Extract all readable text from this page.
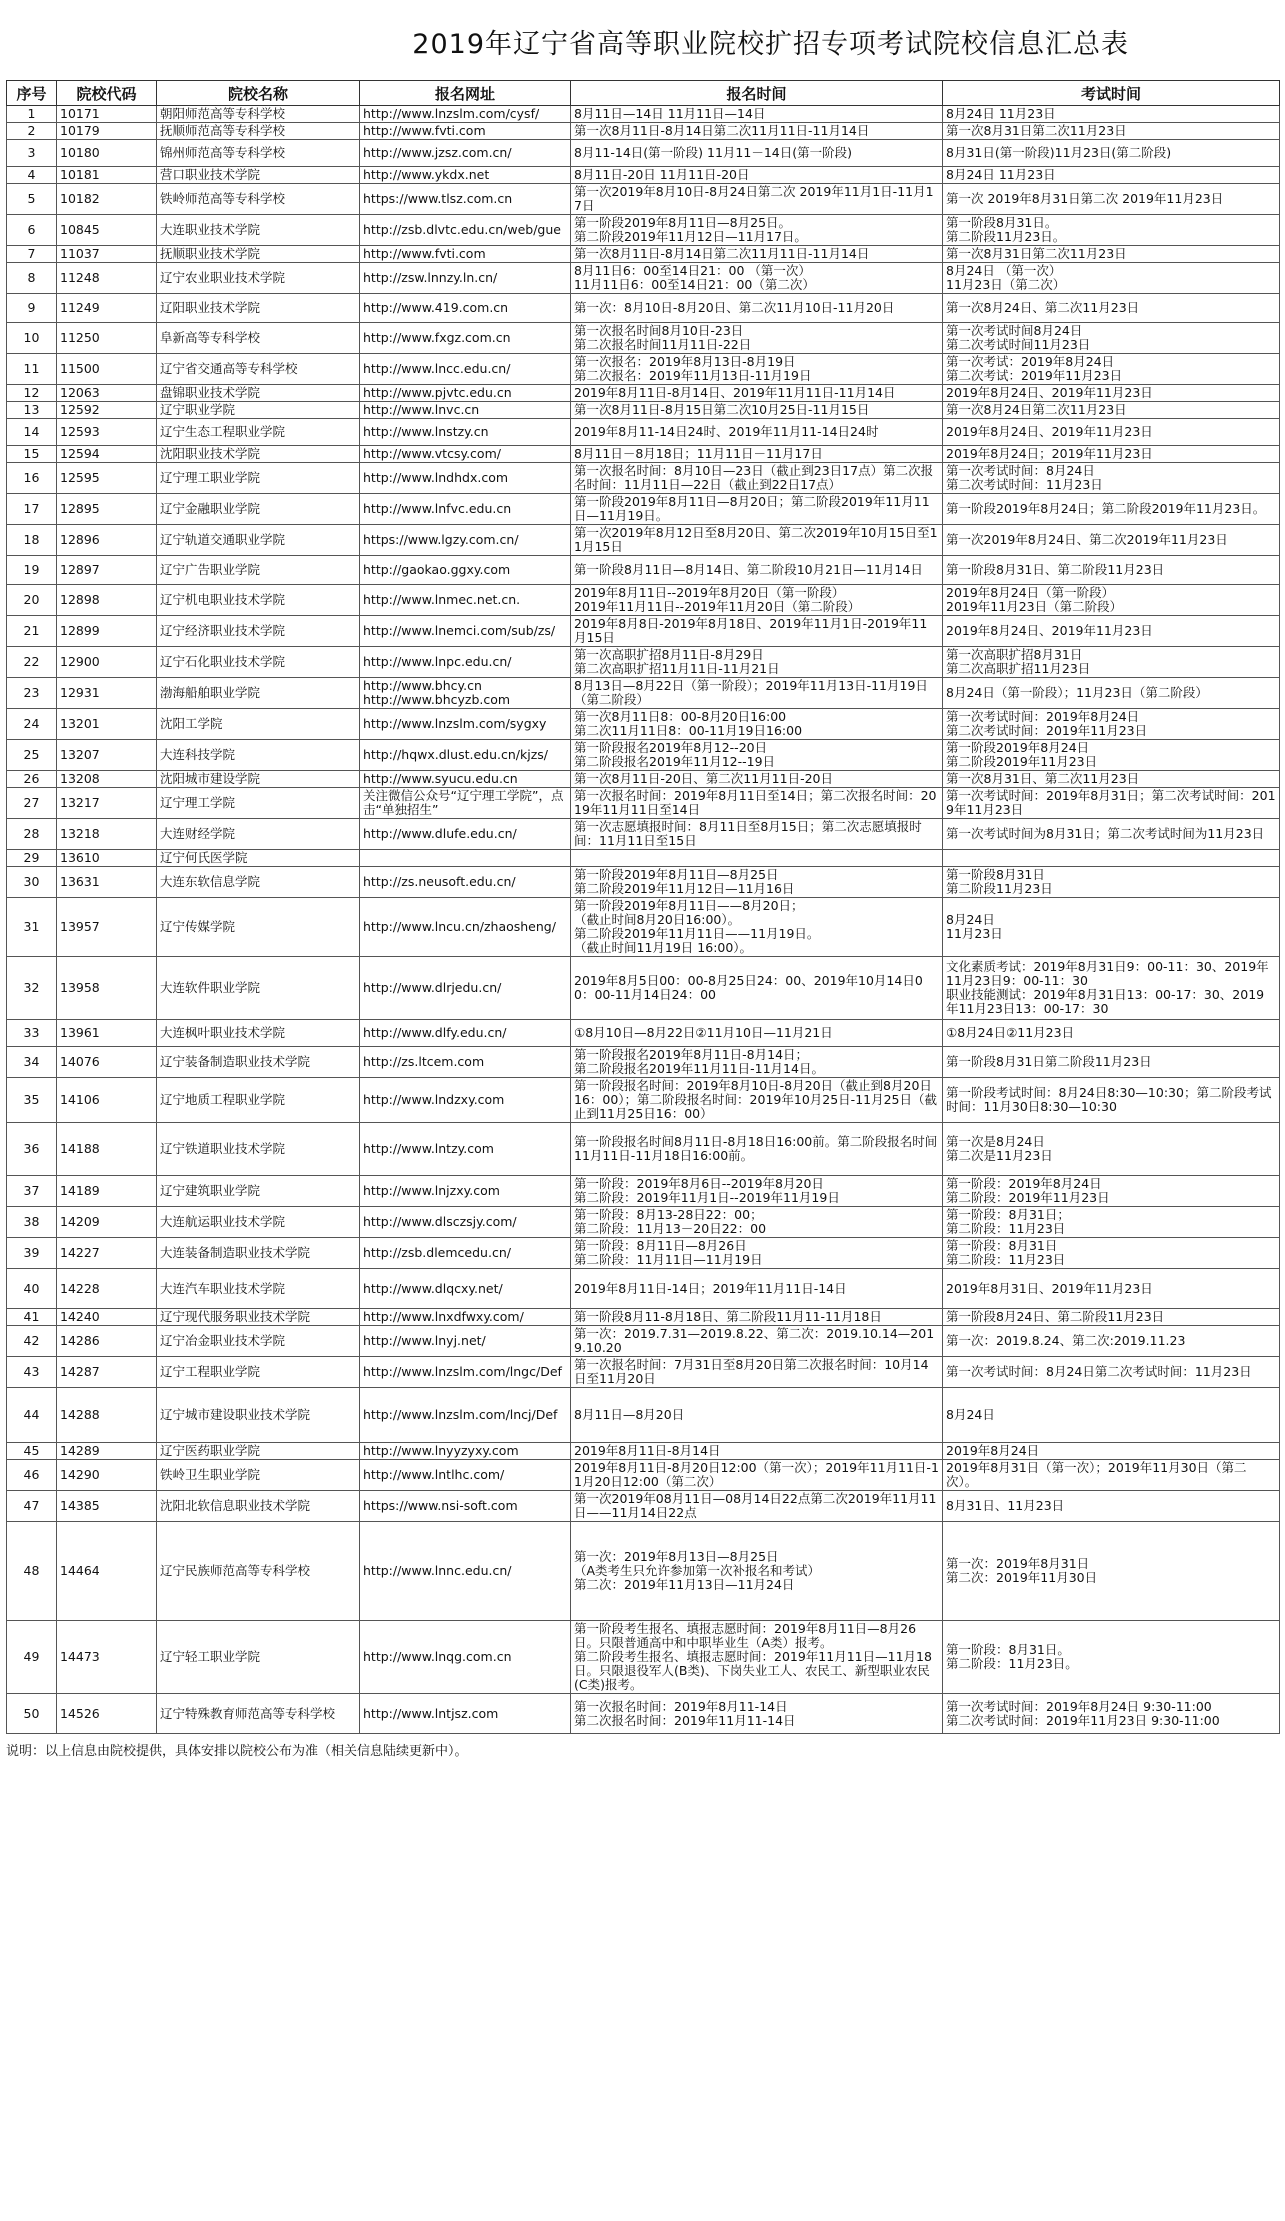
2019年辽宁省高等职业院校扩招专项考试院校信息汇总表
序号	院校代码	院校名称	报名网址	报名时间	考试时间
1	10171	朝阳师范高等专科学校	http://www.lnzslm.com/cysf/	8月11日—14日 11月11日—14日	8月24日 11月23日
2	10179	抚顺师范高等专科学校	http://www.fvti.com	第一次8月11日-8月14日第二次11月11日-11月14日	第一次8月31日第二次11月23日
3	10180	锦州师范高等专科学校	http://www.jzsz.com.cn/	8月11-14日(第一阶段) 11月11－14日(第一阶段)	8月31日(第一阶段)11月23日(第二阶段)
4	10181	营口职业技术学院	http://www.ykdx.net	8月11日-20日 11月11日-20日	8月24日 11月23日
5	10182	铁岭师范高等专科学校	https://www.tlsz.com.cn	第一次2019年8月10日-8月24日第二次 2019年11月1日-11月17日	第一次 2019年8月31日第二次 2019年11月23日
6	10845	大连职业技术学院	http://zsb.dlvtc.edu.cn/web/gue	第一阶段2019年8月11日—8月25日。
第二阶段2019年11月12日—11月17日。	第一阶段8月31日。
第二阶段11月23日。
7	11037	抚顺职业技术学院	http://www.fvti.com	第一次8月11日-8月14日第二次11月11日-11月14日	第一次8月31日第二次11月23日
8	11248	辽宁农业职业技术学院	http://zsw.lnnzy.ln.cn/	8月11日6：00至14日21：00 （第一次）
11月11日6：00至14日21：00（第二次）	8月24日 （第一次）
11月23日（第二次）
9	11249	辽阳职业技术学院	http://www.419.com.cn	第一次：8月10日-8月20日、第二次11月10日-11月20日	第一次8月24日、第二次11月23日
10	11250	阜新高等专科学校	http://www.fxgz.com.cn	第一次报名时间8月10日-23日
第二次报名时间11月11日-22日	第一次考试时间8月24日
第二次考试时间11月23日
11	11500	辽宁省交通高等专科学校	http://www.lncc.edu.cn/	第一次报名：2019年8月13日-8月19日
第二次报名：2019年11月13日-11月19日	第一次考试：2019年8月24日
第二次考试：2019年11月23日
12	12063	盘锦职业技术学院	http://www.pjvtc.edu.cn	2019年8月11日-8月14日、2019年11月11日-11月14日	2019年8月24日、2019年11月23日
13	12592	辽宁职业学院	http://www.lnvc.cn	第一次8月11日-8月15日第二次10月25日-11月15日	第一次8月24日第二次11月23日
14	12593	辽宁生态工程职业学院	http://www.lnstzy.cn	2019年8月11-14日24时、2019年11月11-14日24时	2019年8月24日、2019年11月23日
15	12594	沈阳职业技术学院	http://www.vtcsy.com/	8月11日－8月18日；11月11日－11月17日	2019年8月24日；2019年11月23日
16	12595	辽宁理工职业学院	http://www.lndhdx.com	第一次报名时间：8月10日—23日（截止到23日17点）第二次报名时间：11月11日—22日（截止到22日17点）	第一次考试时间：8月24日
第二次考试时间：11月23日
17	12895	辽宁金融职业学院	http://www.lnfvc.edu.cn	第一阶段2019年8月11日—8月20日；第二阶段2019年11月11日—11月19日。	第一阶段2019年8月24日；第二阶段2019年11月23日。
18	12896	辽宁轨道交通职业学院	https://www.lgzy.com.cn/	第一次2019年8月12日至8月20日、第二次2019年10月15日至11月15日	第一次2019年8月24日、第二次2019年11月23日
19	12897	辽宁广告职业学院	http://gaokao.ggxy.com	第一阶段8月11日—8月14日、第二阶段10月21日—11月14日	第一阶段8月31日、第二阶段11月23日
20	12898	辽宁机电职业技术学院	http://www.lnmec.net.cn.	2019年8月11日--2019年8月20日（第一阶段）
2019年11月11日--2019年11月20日（第二阶段）	2019年8月24日（第一阶段）
2019年11月23日（第二阶段）
21	12899	辽宁经济职业技术学院	http://www.lnemci.com/sub/zs/	2019年8月8日-2019年8月18日、2019年11月1日-2019年11月15日	2019年8月24日、2019年11月23日
22	12900	辽宁石化职业技术学院	http://www.lnpc.edu.cn/	第一次高职扩招8月11日-8月29日
第二次高职扩招11月11日-11月21日	第一次高职扩招8月31日
第二次高职扩招11月23日
23	12931	渤海船舶职业学院	http://www.bhcy.cn
http://www.bhcyzb.com	8月13日—8月22日（第一阶段）；2019年11月13日-11月19日（第二阶段）	8月24日（第一阶段）；11月23日（第二阶段）
24	13201	沈阳工学院	http://www.lnzslm.com/sygxy	第一次8月11日8：00-8月20日16:00
第二次11月11日8：00-11月19日16:00	第一次考试时间：2019年8月24日
第二次考试时间：2019年11月23日
25	13207	大连科技学院	http://hqwx.dlust.edu.cn/kjzs/	第一阶段报名2019年8月12--20日
第二阶段报名2019年11月12--19日	第一阶段2019年8月24日
第二阶段2019年11月23日
26	13208	沈阳城市建设学院	http://www.syucu.edu.cn	第一次8月11日-20日、第二次11月11日-20日	第一次8月31日、第二次11月23日
27	13217	辽宁理工学院	关注微信公众号“辽宁理工学院”，点击“单独招生”	第一次报名时间：2019年8月11日至14日；第二次报名时间：2019年11月11日至14日	第一次考试时间：2019年8月31日；第二次考试时间：2019年11月23日
28	13218	大连财经学院	http://www.dlufe.edu.cn/	第一次志愿填报时间：8月11日至8月15日；第二次志愿填报时间：11月11日至15日	第一次考试时间为8月31日；第二次考试时间为11月23日
29	13610	辽宁何氏医学院			
30	13631	大连东软信息学院	http://zs.neusoft.edu.cn/	第一阶段2019年8月11日—8月25日
第二阶段2019年11月12日—11月16日	第一阶段8月31日
第二阶段11月23日
31	13957	辽宁传媒学院	http://www.lncu.cn/zhaosheng/	第一阶段2019年8月11日——8月20日；
（截止时间8月20日16:00）。
第二阶段2019年11月11日——11月19日。
（截止时间11月19日 16:00）。	8月24日
11月23日
32	13958	大连软件职业学院	http://www.dlrjedu.cn/	2019年8月5日00：00-8月25日24：00、2019年10月14日00：00-11月14日24：00	文化素质考试：2019年8月31日9：00-11：30、2019年11月23日9：00-11：30
职业技能测试：2019年8月31日13：00-17：30、2019年11月23日13：00-17：30
33	13961	大连枫叶职业技术学院	http://www.dlfy.edu.cn/	①8月10日—8月22日②11月10日—11月21日	①8月24日②11月23日
34	14076	辽宁装备制造职业技术学院	http://zs.ltcem.com	第一阶段报名2019年8月11日-8月14日；
第二阶段报名2019年11月11日-11月14日。	第一阶段8月31日第二阶段11月23日
35	14106	辽宁地质工程职业学院	http://www.lndzxy.com	第一阶段报名时间：2019年8月10日-8月20日（截止到8月20日16：00）；第二阶段报名时间：2019年10月25日-11月25日（截止到11月25日16：00）	第一阶段考试时间：8月24日8:30—10:30；第二阶段考试时间：11月30日8:30—10:30
36	14188	辽宁铁道职业技术学院	http://www.lntzy.com	第一阶段报名时间8月11日-8月18日16:00前。第二阶段报名时间11月11日-11月18日16:00前。	第一次是8月24日
第二次是11月23日
37	14189	辽宁建筑职业学院	http://www.lnjzxy.com	第一阶段：2019年8月6日--2019年8月20日
第二阶段：2019年11月1日--2019年11月19日	第一阶段：2019年8月24日
第二阶段：2019年11月23日
38	14209	大连航运职业技术学院	http://www.dlsczsjy.com/	第一阶段：8月13-28日22：00；
第二阶段：11月13－20日22：00	第一阶段：8月31日；
第二阶段：11月23日
39	14227	大连装备制造职业技术学院	http://zsb.dlemcedu.cn/	第一阶段：8月11日—8月26日
第二阶段：11月11日—11月19日	第一阶段：8月31日
第二阶段：11月23日
40	14228	大连汽车职业技术学院	http://www.dlqcxy.net/	2019年8月11日-14日；2019年11月11日-14日	2019年8月31日、2019年11月23日
41	14240	辽宁现代服务职业技术学院	http://www.lnxdfwxy.com/	第一阶段8月11-8月18日、第二阶段11月11-11月18日	第一阶段8月24日、第二阶段11月23日
42	14286	辽宁冶金职业技术学院	http://www.lnyj.net/	第一次：2019.7.31—2019.8.22、第二次：2019.10.14—2019.10.20	第一次：2019.8.24、第二次:2019.11.23
43	14287	辽宁工程职业学院	http://www.lnzslm.com/lngc/Def	第一次报名时间：7月31日至8月20日第二次报名时间：10月14日至11月20日	第一次考试时间：8月24日第二次考试时间：11月23日
44	14288	辽宁城市建设职业技术学院	http://www.lnzslm.com/lncj/Def	8月11日—8月20日	8月24日
45	14289	辽宁医药职业学院	http://www.lnyyzyxy.com	2019年8月11日-8月14日	2019年8月24日
46	14290	铁岭卫生职业学院	http://www.lntlhc.com/	2019年8月11日-8月20日12:00（第一次）；2019年11月11日-11月20日12:00（第二次）	2019年8月31日（第一次）；2019年11月30日（第二次）。
47	14385	沈阳北软信息职业技术学院	https://www.nsi-soft.com	第一次2019年08月11日—08月14日22点第二次2019年11月11日——11月14日22点	8月31日、11月23日
48	14464	辽宁民族师范高等专科学校	http://www.lnnc.edu.cn/	第一次：2019年8月13日—8月25日
（A类考生只允许参加第一次补报名和考试）
第二次：2019年11月13日—11月24日	第一次：2019年8月31日
第二次：2019年11月30日
49	14473	辽宁轻工职业学院	http://www.lnqg.com.cn	第一阶段考生报名、填报志愿时间：2019年8月11日—8月26日。只限普通高中和中职毕业生（A类）报考。
第二阶段考生报名、填报志愿时间：2019年11月11日—11月18日。只限退役军人(B类)、下岗失业工人、农民工、新型职业农民(C类)报考。	第一阶段：8月31日。
第二阶段：11月23日。
50	14526	辽宁特殊教育师范高等专科学校	http://www.lntjsz.com	第一次报名时间：2019年8月11-14日
第二次报名时间：2019年11月11-14日	第一次考试时间：2019年8月24日 9:30-11:00
第二次考试时间：2019年11月23日 9:30-11:00
说明：以上信息由院校提供，具体安排以院校公布为准（相关信息陆续更新中）。
